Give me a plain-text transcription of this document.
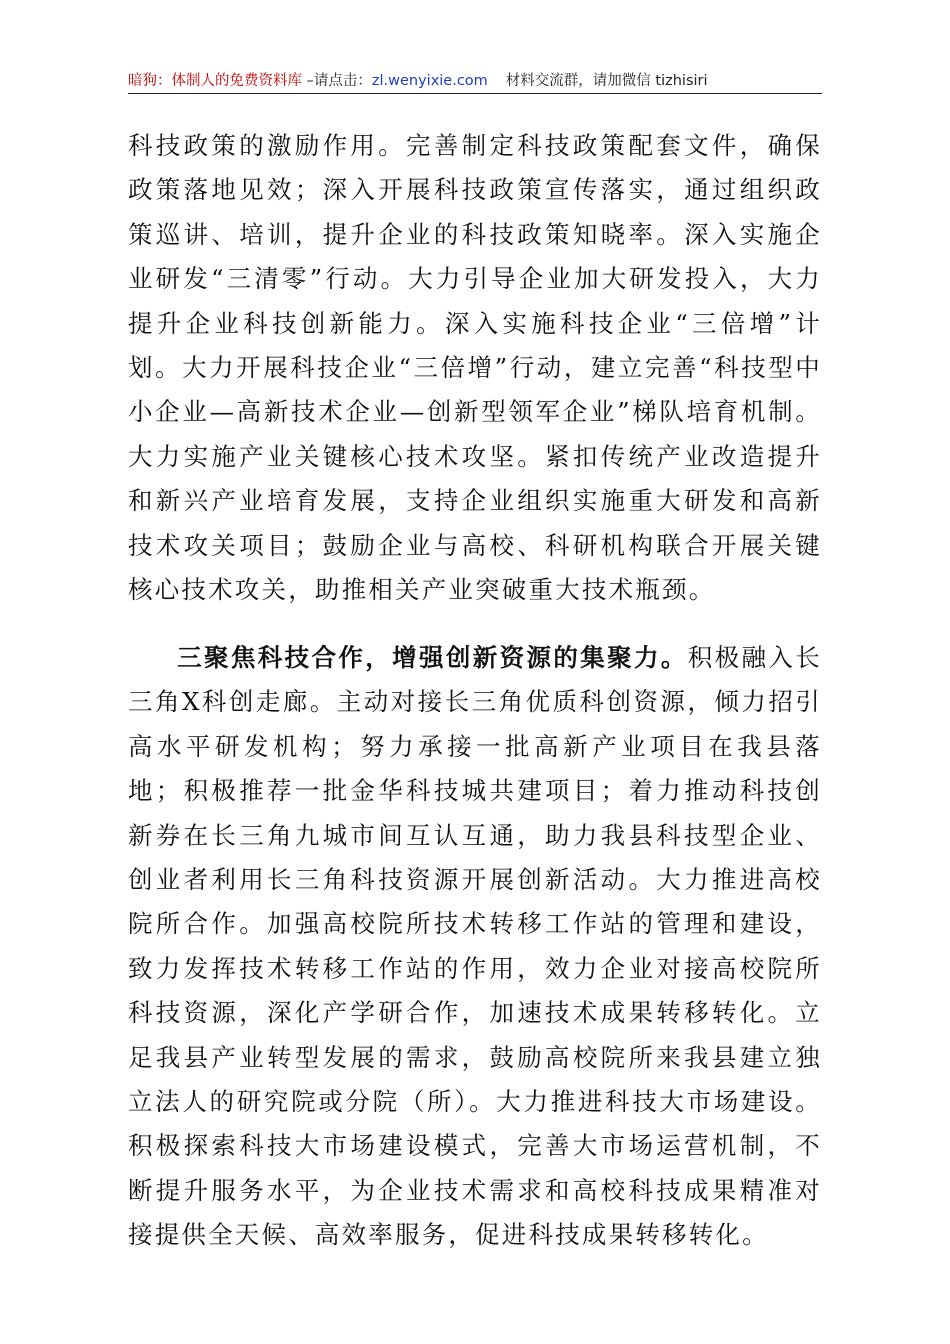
暗狗：体制人的免费资料库 –请点击：zl.wenyixie.com 材料交流群，请加微信 tizhisiri
科技政策的激励作用。完善制定科技政策配套文件，确保政策落地见效；深入开展科技政策宣传落实，通过组织政策巡讲、培训，提升企业的科技政策知晓率。深入实施企业研发“三清零”行动。大力引导企业加大研发投入，大力提升企业科技创新能力。深入实施科技企业“三倍增”计划。大力开展科技企业“三倍增”行动，建立完善“科技型中小企业—高新技术企业—创新型领军企业”梯队培育机制。大力实施产业关键核心技术攻坚。紧扣传统产业改造提升和新兴产业培育发展，支持企业组织实施重大研发和高新技术攻关项目；鼓励企业与高校、科研机构联合开展关键核心技术攻关，助推相关产业突破重大技术瓶颈。
三聚焦科技合作，增强创新资源的集聚力。积极融入长三角X科创走廊。主动对接长三角优质科创资源，倾力招引高水平研发机构；努力承接一批高新产业项目在我县落地；积极推荐一批金华科技城共建项目；着力推动科技创新券在长三角九城市间互认互通，助力我县科技型企业、创业者利用长三角科技资源开展创新活动。大力推进高校院所合作。加强高校院所技术转移工作站的管理和建设，致力发挥技术转移工作站的作用，效力企业对接高校院所科技资源，深化产学研合作，加速技术成果转移转化。立足我县产业转型发展的需求，鼓励高校院所来我县建立独立法人的研究院或分院（所）。大力推进科技大市场建设。积极探索科技大市场建设模式，完善大市场运营机制，不断提升服务水平，为企业技术需求和高校科技成果精准对接提供全天候、高效率服务，促进科技成果转移转化。
